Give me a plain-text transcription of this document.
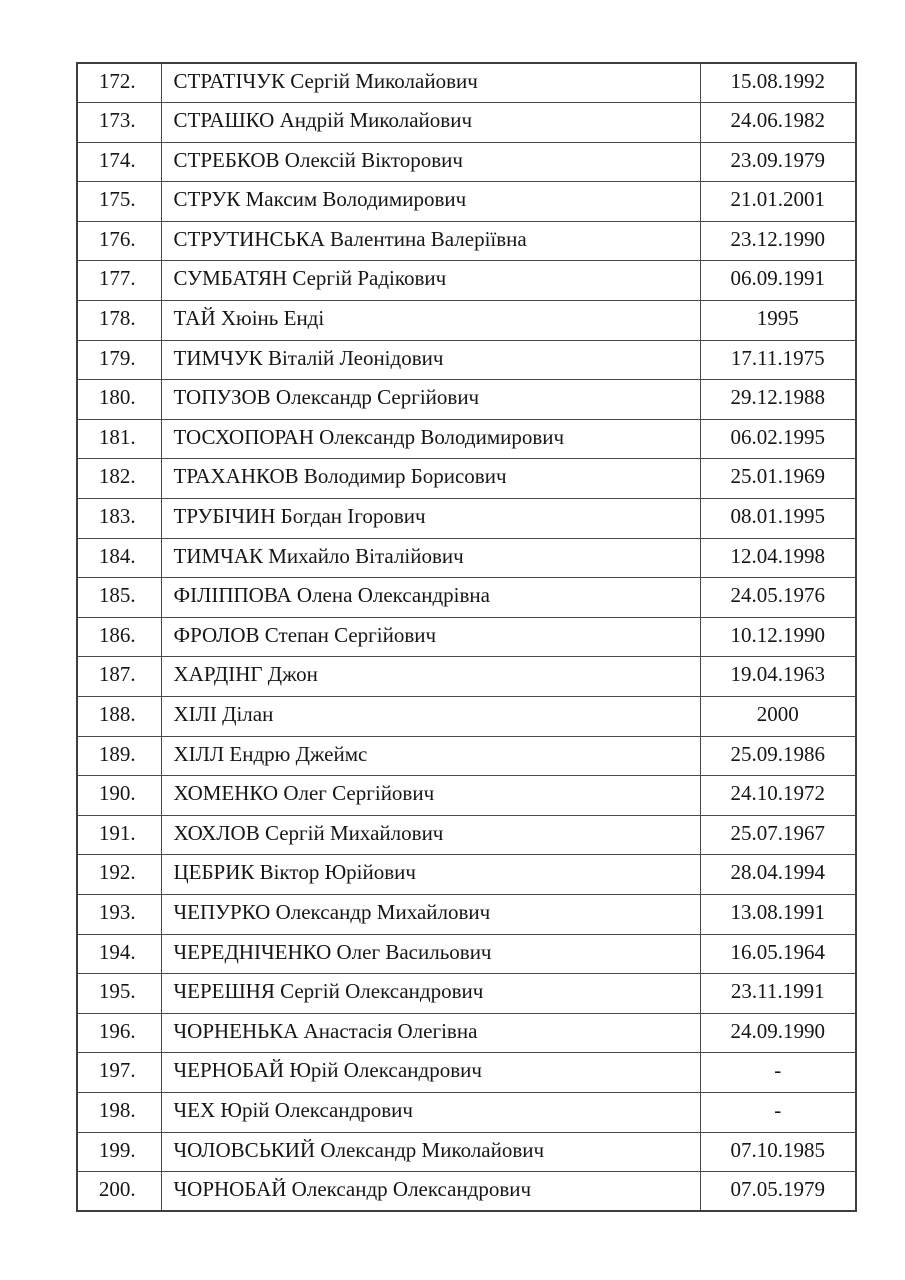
172.	СТРАТІЧУК Сергій Миколайович	15.08.1992
173.	СТРАШКО Андрій Миколайович	24.06.1982
174.	СТРЕБКОВ Олексій Вікторович	23.09.1979
175.	СТРУК Максим Володимирович	21.01.2001
176.	СТРУТИНСЬКА Валентина Валеріївна	23.12.1990
177.	СУМБАТЯН Сергій Радікович	06.09.1991
178.	ТАЙ Хюінь Енді	1995
179.	ТИМЧУК Віталій Леонідович	17.11.1975
180.	ТОПУЗОВ Олександр Сергійович	29.12.1988
181.	ТОСХОПОРАН Олександр Володимирович	06.02.1995
182.	ТРАХАНКОВ Володимир Борисович	25.01.1969
183.	ТРУБІЧИН Богдан Ігорович	08.01.1995
184.	ТИМЧАК Михайло Віталійович	12.04.1998
185.	ФІЛІППОВА Олена Олександрівна	24.05.1976
186.	ФРОЛОВ Степан Сергійович	10.12.1990
187.	ХАРДІНГ Джон	19.04.1963
188.	ХІЛІ Ділан	2000
189.	ХІЛЛ Ендрю Джеймс	25.09.1986
190.	ХОМЕНКО Олег Сергійович	24.10.1972
191.	ХОХЛОВ Сергій Михайлович	25.07.1967
192.	ЦЕБРИК Віктор Юрійович	28.04.1994
193.	ЧЕПУРКО Олександр Михайлович	13.08.1991
194.	ЧЕРЕДНІЧЕНКО Олег Васильович	16.05.1964
195.	ЧЕРЕШНЯ Сергій Олександрович	23.11.1991
196.	ЧОРНЕНЬКА Анастасія Олегівна	24.09.1990
197.	ЧЕРНОБАЙ Юрій Олександрович	-
198.	ЧЕХ Юрій Олександрович	-
199.	ЧОЛОВСЬКИЙ Олександр Миколайович	07.10.1985
200.	ЧОРНОБАЙ Олександр Олександрович	07.05.1979
